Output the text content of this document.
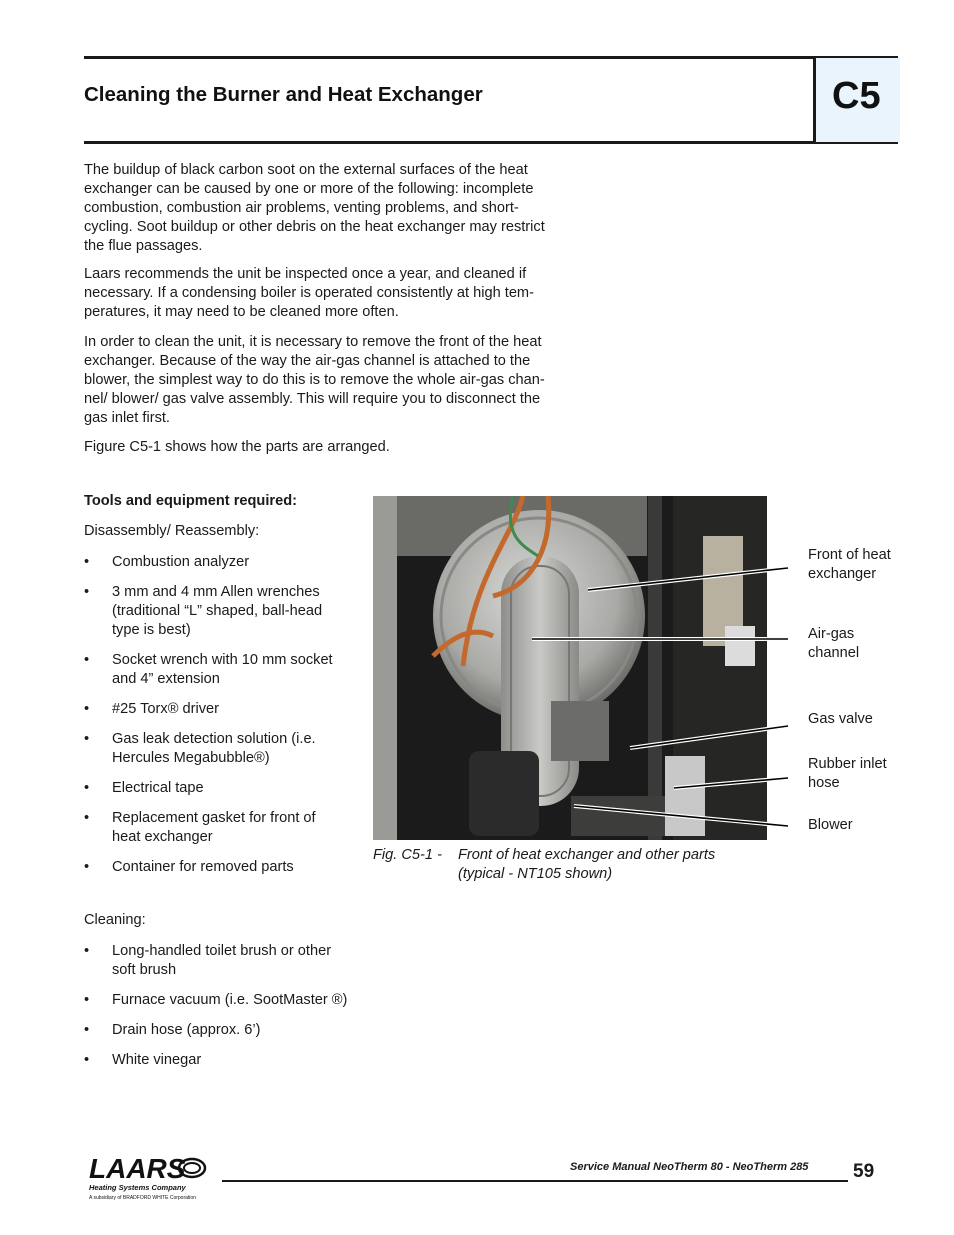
Cleaning the Burner and Heat Exchanger	C5

The buildup of black carbon soot on the external surfaces of the heat
exchanger can be caused by one or more of the following: incomplete
combustion, combustion air problems, venting problems, and short-
cycling. Soot buildup or other debris on the heat exchanger may restrict
the flue passages.

Laars recommends the unit be inspected once a year, and cleaned if
necessary. If a condensing boiler is operated consistently at high tem-
peratures, it may need to be cleaned more often.

In order to clean the unit, it is necessary to remove the front of the heat
exchanger. Because of the way the air-gas channel is attached to the
blower, the simplest way to do this is to remove the whole air-gas chan-
nel/ blower/ gas valve assembly. This will require you to disconnect the
gas inlet first.

Figure C5-1 shows how the parts are arranged.

Tools and equipment required:
Disassembly/ Reassembly:
• Combustion analyzer
• 3 mm and 4 mm Allen wrenches
(traditional “L” shaped, ball-head
type is best)
• Socket wrench with 10 mm socket
and 4” extension
• #25 Torx® driver
• Gas leak detection solution (i.e.
Hercules Megabubble®)
• Electrical tape
• Replacement gasket for front of
heat exchanger
• Container for removed parts
Cleaning:
• Long-handled toilet brush or other
soft brush
• Furnace vacuum (i.e. SootMaster ®)
• Drain hose (approx. 6’)
• White vinegar
Front of heat
exchanger
Air-gas
channel
Gas valve
Rubber inlet
hose
Blower
Fig. C5-1 - Front of heat exchanger and other parts
(typical - NT105 shown)
LAARS
Heating Systems Company
A subsidiary of BRADFORD WHITE Corporation
Service Manual NeoTherm 80 - NeoTherm 285 59
